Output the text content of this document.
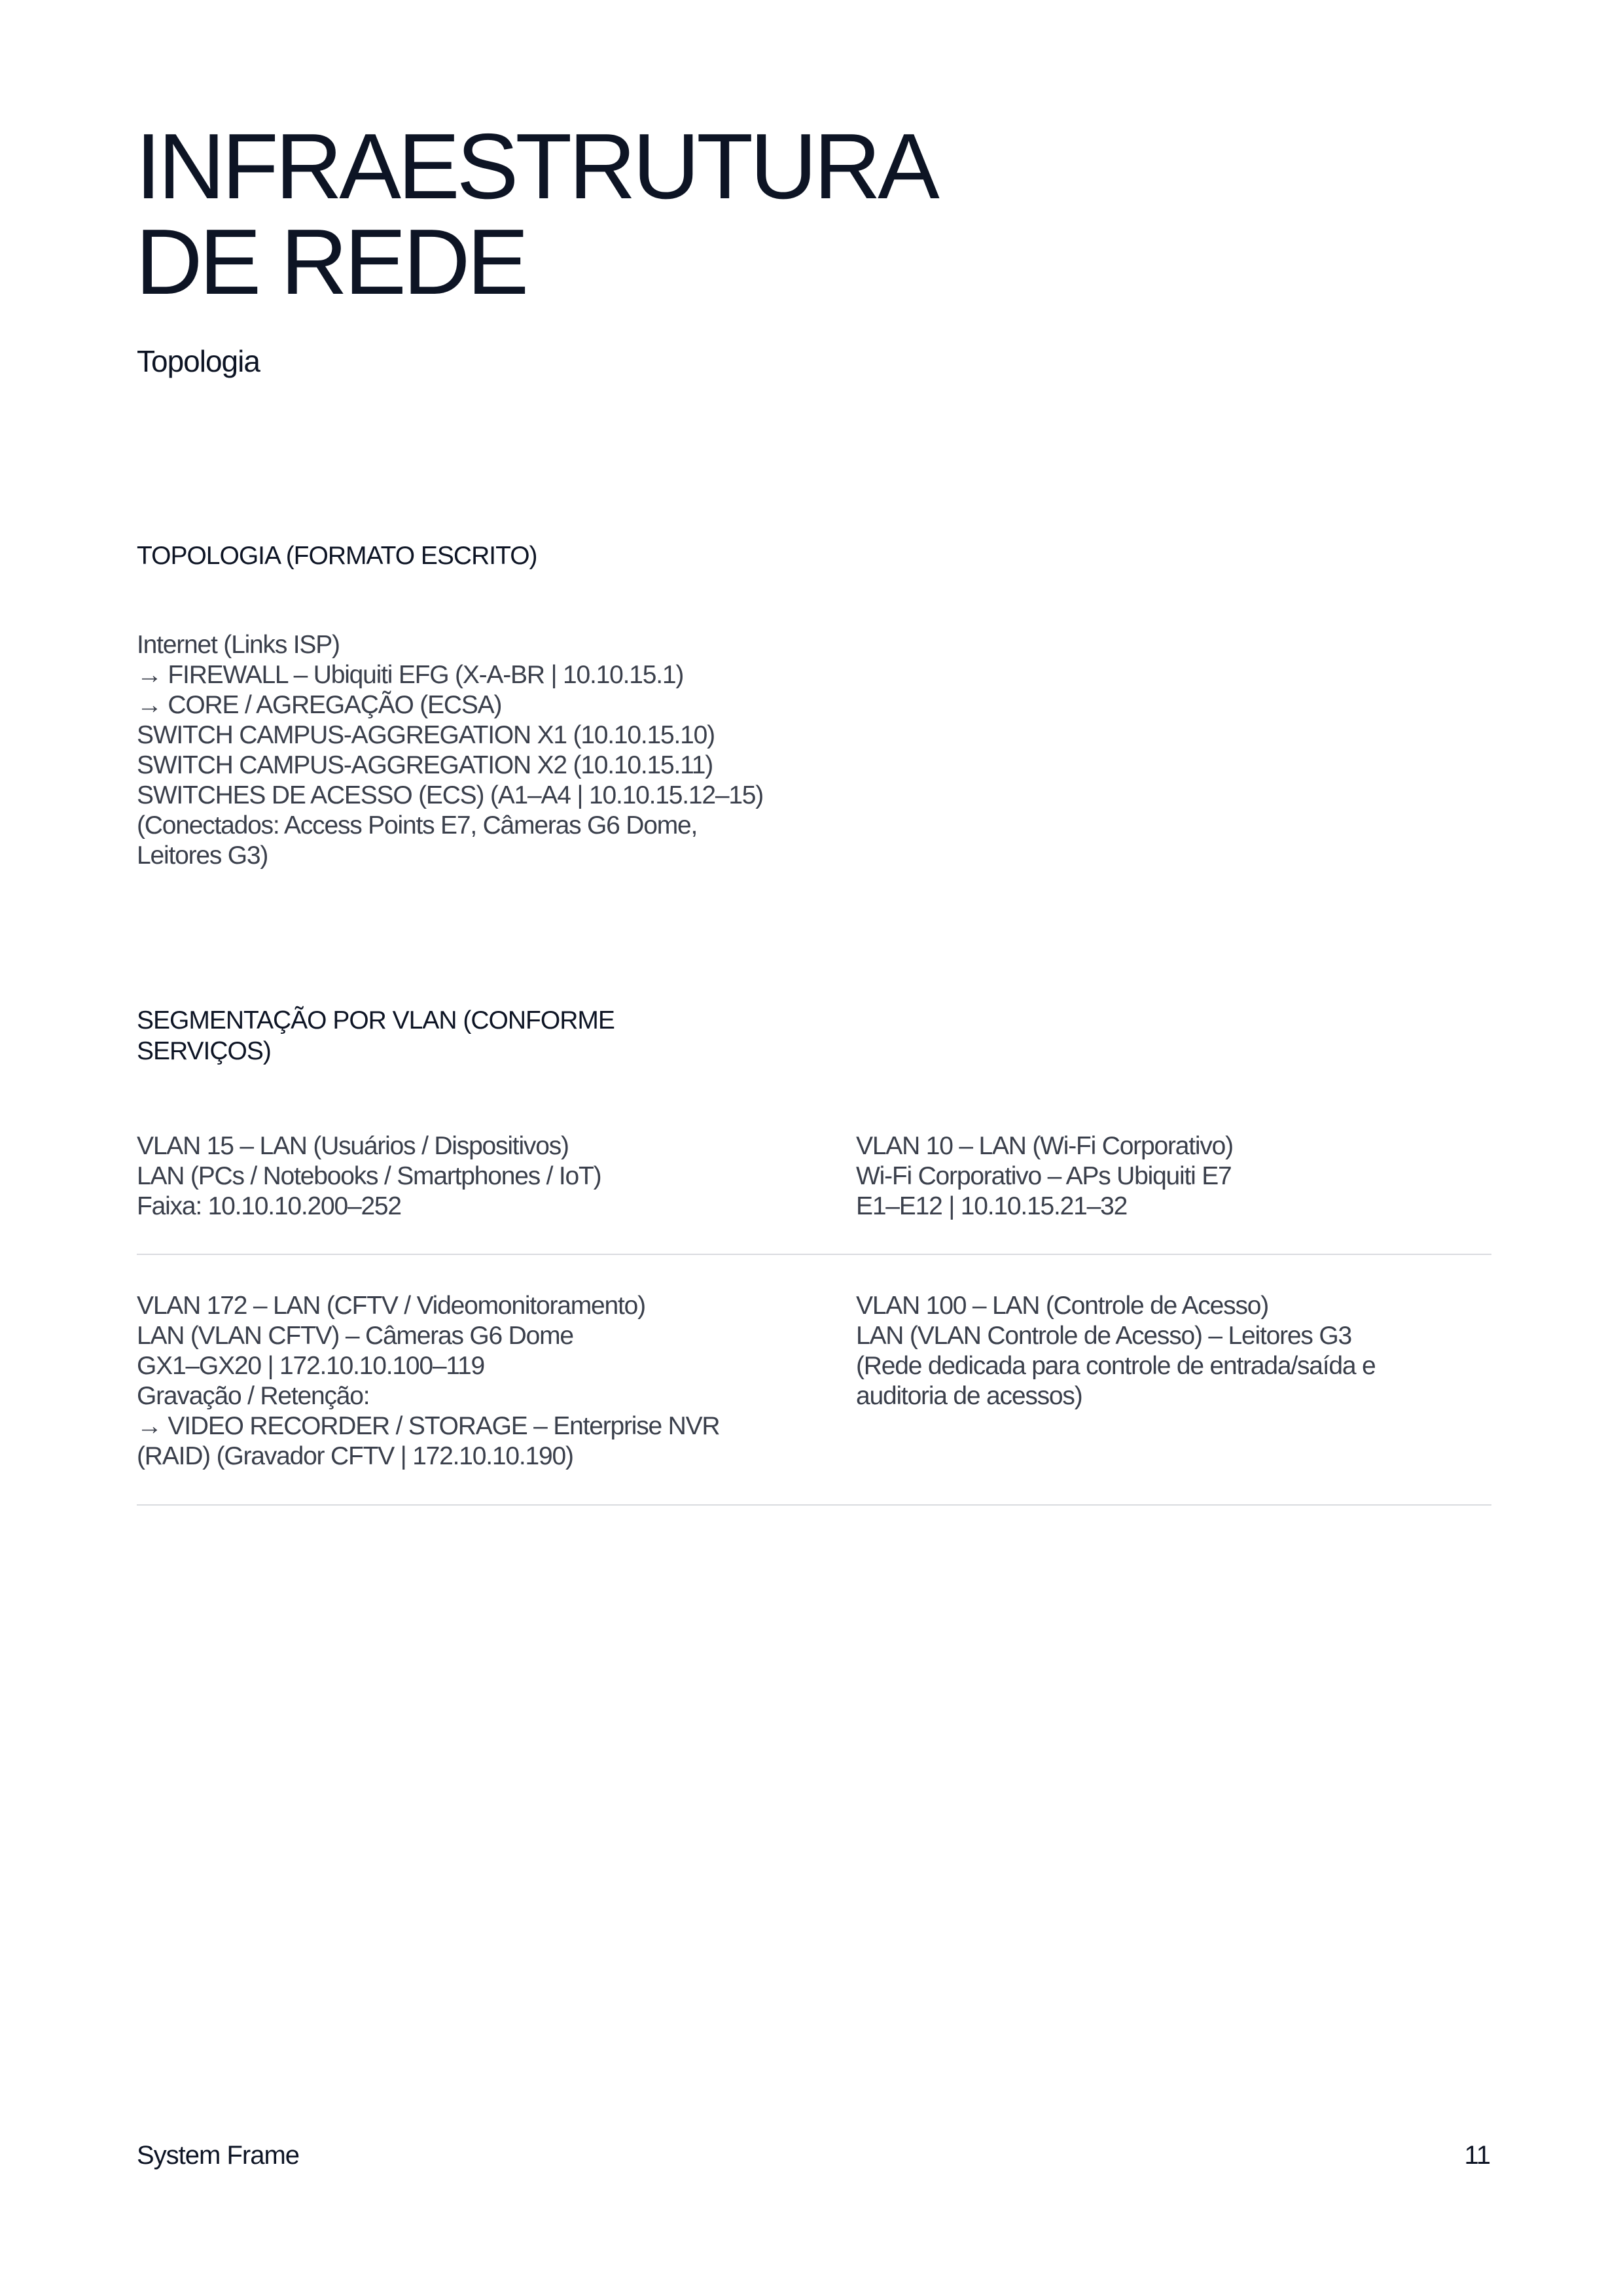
INFRAESTRUTURA
DE REDE
Topologia
TOPOLOGIA (FORMATO ESCRITO)
Internet (Links ISP)
→ FIREWALL – Ubiquiti EFG (X-A-BR | 10.10.15.1)
→ CORE / AGREGAÇÃO (ECSA)
SWITCH CAMPUS-AGGREGATION X1 (10.10.15.10)
SWITCH CAMPUS-AGGREGATION X2 (10.10.15.11)
SWITCHES DE ACESSO (ECS) (A1–A4 | 10.10.15.12–15)
(Conectados: Access Points E7, Câmeras G6 Dome,
Leitores G3)
SEGMENTAÇÃO POR VLAN (CONFORME
SERVIÇOS)
VLAN 15 – LAN (Usuários / Dispositivos)
LAN (PCs / Notebooks / Smartphones / IoT)
Faixa: 10.10.10.200–252
VLAN 10 – LAN (Wi-Fi Corporativo)
Wi-Fi Corporativo – APs Ubiquiti E7
E1–E12 | 10.10.15.21–32
VLAN 172 – LAN (CFTV / Videomonitoramento)
LAN (VLAN CFTV) – Câmeras G6 Dome
GX1–GX20 | 172.10.10.100–119
Gravação / Retenção:
→ VIDEO RECORDER / STORAGE – Enterprise NVR
(RAID) (Gravador CFTV | 172.10.10.190)
VLAN 100 – LAN (Controle de Acesso)
LAN (VLAN Controle de Acesso) – Leitores G3
(Rede dedicada para controle de entrada/saída e
auditoria de acessos)
System Frame	11
